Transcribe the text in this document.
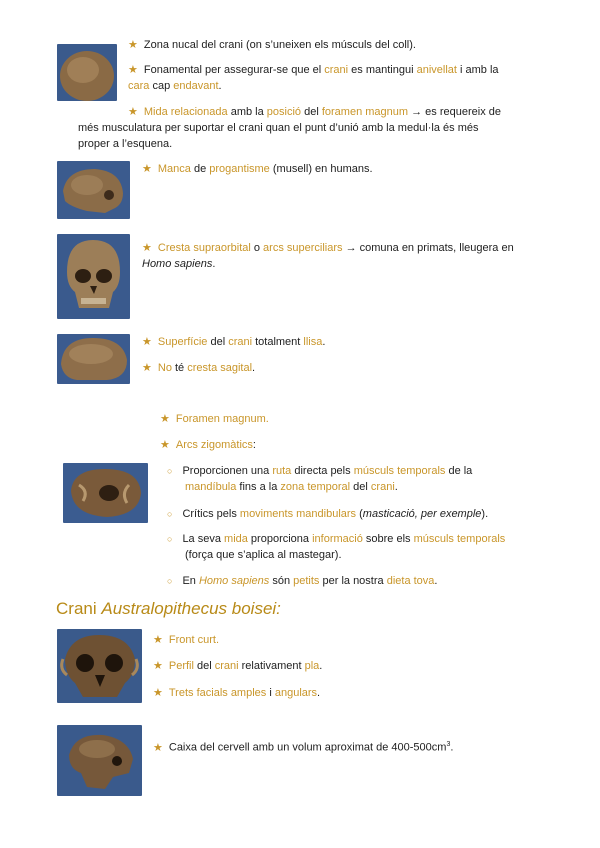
★ Zona nucal del crani (on s’uneixen els músculs del coll).
★ Fonamental per assegurar-se que el crani es mantingui anivellat i amb la
cara cap endavant.
★ Mida relacionada amb la posició del foramen magnum → es requereix de
més musculatura per suportar el crani quan el punt d’unió amb la medul·la és més
proper a l’esquena.
★ Manca de progantisme (musell) en humans.
★ Cresta supraorbital o arcs superciliars → comuna en primats, lleugera en
Homo sapiens.
★ Superfície del crani totalment llisa.
★ No té cresta sagital.
★ Foramen magnum.
★ Arcs zigomàtics:
○ Proporcionen una ruta directa pels músculs temporals de la
mandíbula fins a la zona temporal del crani.
○ Crítics pels moviments mandibulars (masticació, per exemple).
○ La seva mida proporciona informació sobre els músculs temporals
(força que s’aplica al mastegar).
○ En Homo sapiens són petits per la nostra dieta tova.
Crani Australopithecus boisei:
★ Front curt.
★ Perfil del crani relativament pla.
★ Trets facials amples i angulars.
★ Caixa del cervell amb un volum aproximat de $400-500cm^3$.
